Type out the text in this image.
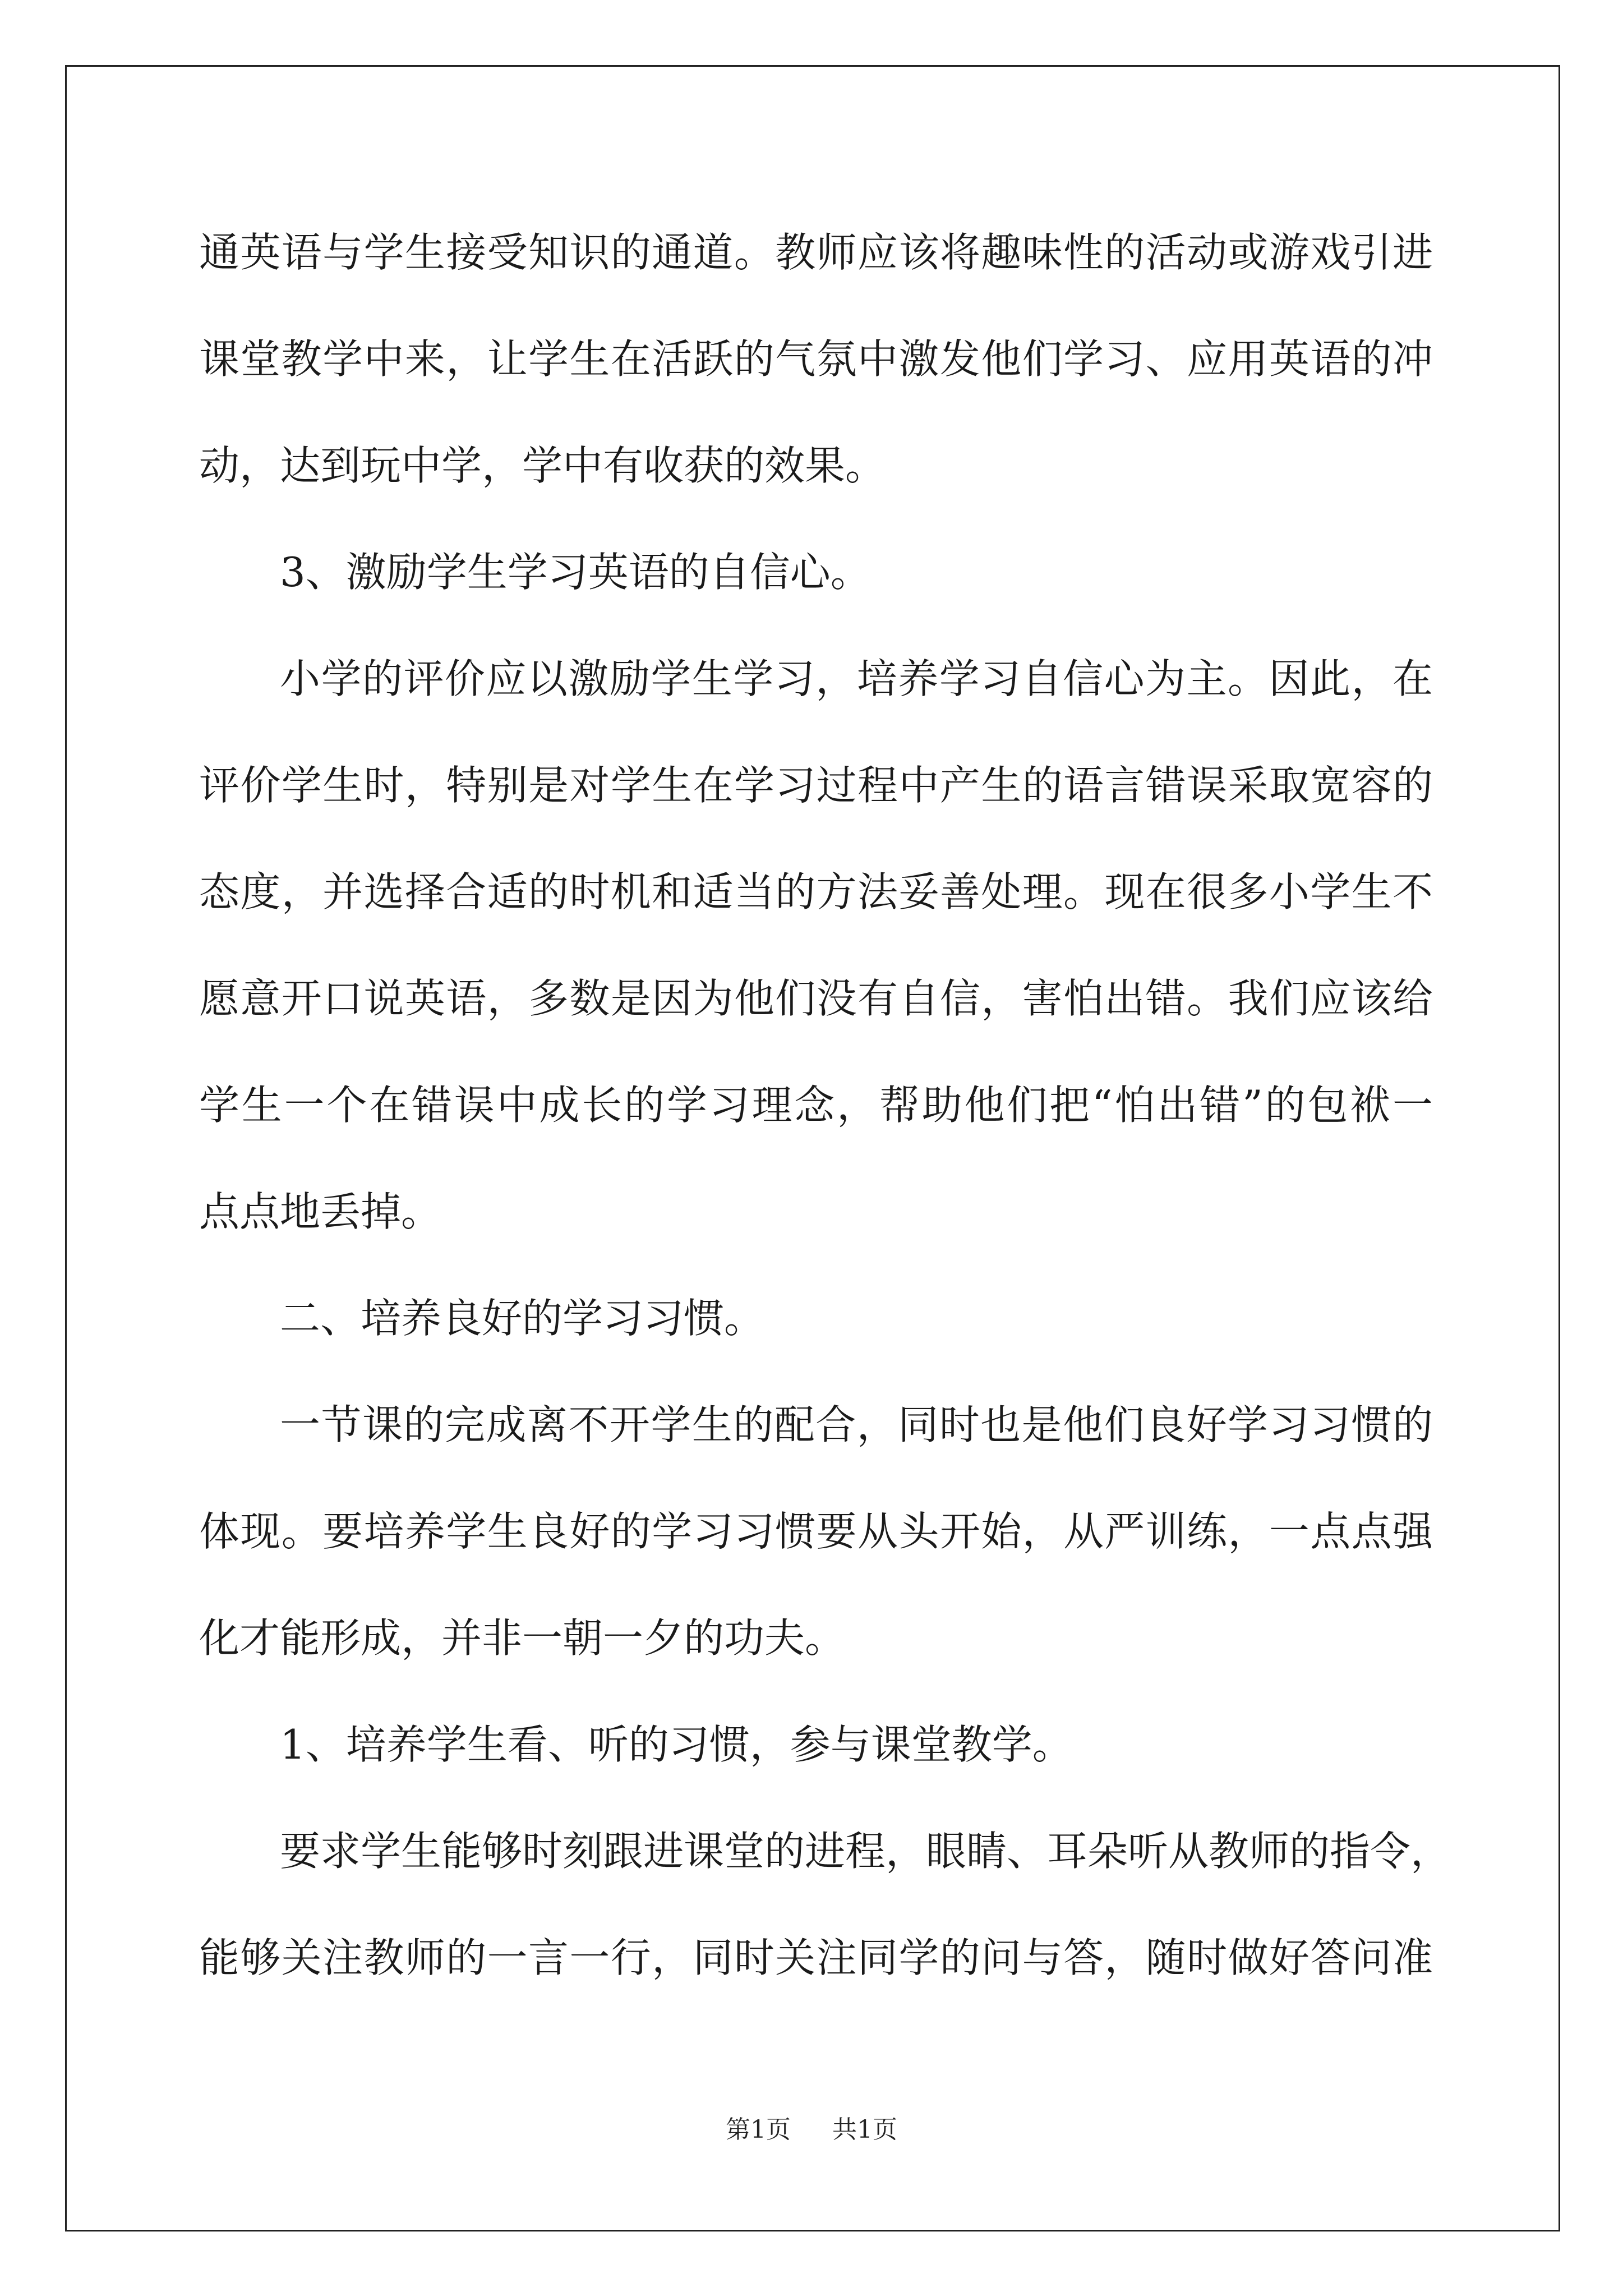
通英语与学生接受知识的通道。教师应该将趣味性的活动或游戏引进
课堂教学中来，让学生在活跃的气氛中激发他们学习、应用英语的冲
动，达到玩中学，学中有收获的效果。
3、激励学生学习英语的自信心。
小学的评价应以激励学生学习，培养学习自信心为主。因此，在
评价学生时，特别是对学生在学习过程中产生的语言错误采取宽容的
态度，并选择合适的时机和适当的方法妥善处理。现在很多小学生不
愿意开口说英语，多数是因为他们没有自信，害怕出错。我们应该给
学生一个在错误中成长的学习理念，帮助他们把“怕出错”的包袱一
点点地丢掉。
二、培养良好的学习习惯。
一节课的完成离不开学生的配合，同时也是他们良好学习习惯的
体现。要培养学生良好的学习习惯要从头开始，从严训练，一点点强
化才能形成，并非一朝一夕的功夫。
1、培养学生看、听的习惯，参与课堂教学。
要求学生能够时刻跟进课堂的进程，眼睛、耳朵听从教师的指令，
能够关注教师的一言一行，同时关注同学的问与答，随时做好答问准
第1页 共1页
